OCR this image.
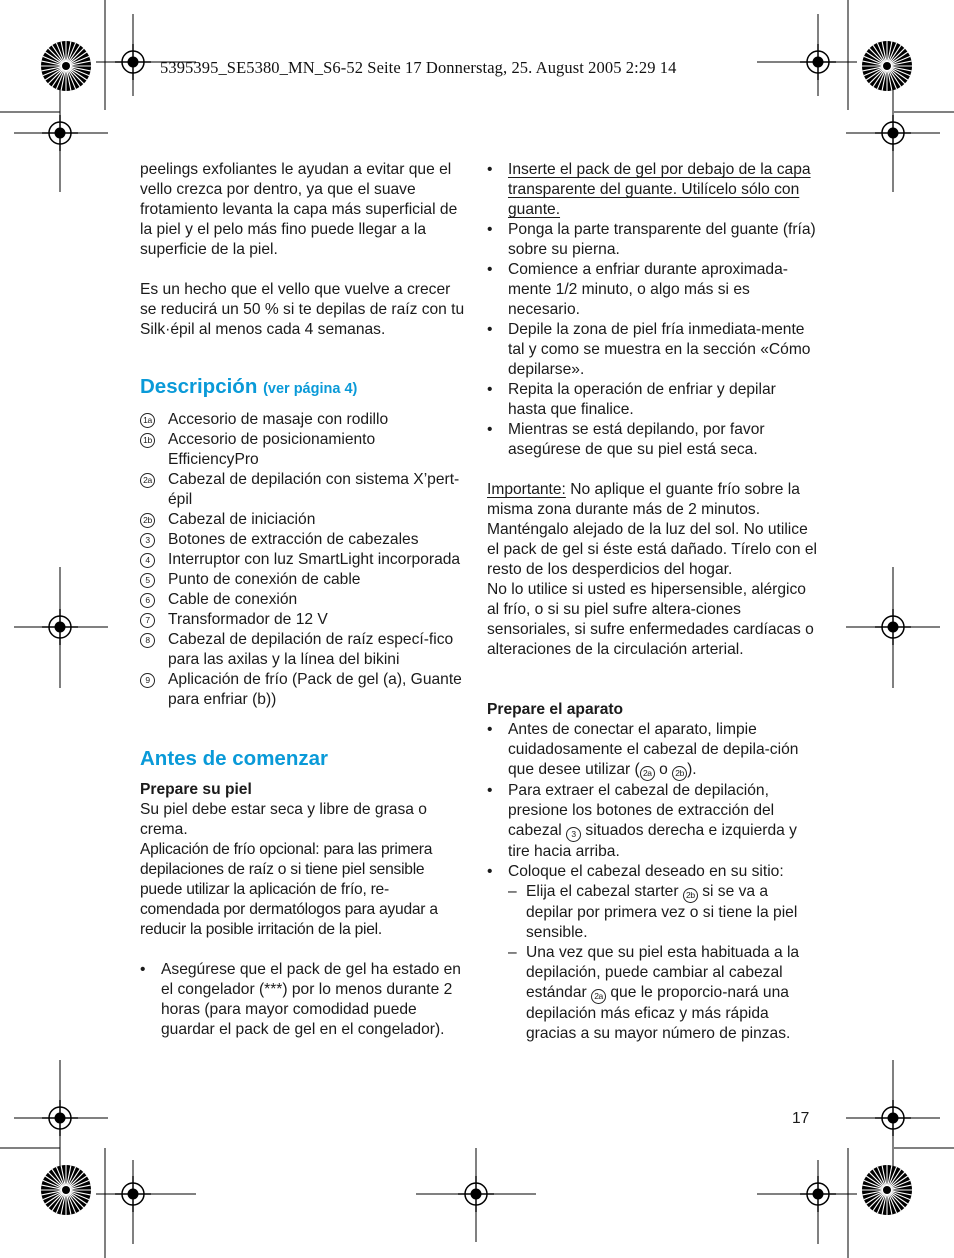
5395395_SE5380_MN_S6-52 Seite 17 Donnerstag, 25. August 2005 2:29 14

peelings exfoliantes le ayudan a evitar que el vello crezca por dentro, ya que el suave frotamiento levanta la capa más superficial de la piel y el pelo más fino puede llegar a la superficie de la piel.

Es un hecho que el vello que vuelve a crecer se reducirá un 50 % si te depilas de raíz con tu Silk·épil al menos cada 4 semanas.

Descripción (ver página 4)
1a Accesorio de masaje con rodillo
1b Accesorio de posicionamiento EfficiencyPro
2a Cabezal de depilación con sistema X’pert-épil
2b Cabezal de iniciación
3	Botones de extracción de cabezales
4	Interruptor con luz SmartLight incorporada
5	Punto de conexión de cable
6	Cable de conexión
7	Transformador de 12 V
8	Cabezal de depilación de raíz especí-fico para las axilas y la línea del bikini
9	Aplicación de frío (Pack de gel (a), Guante para enfriar (b))
Antes de comenzar
Prepare su piel

Su piel debe estar seca y libre de grasa o crema.

Aplicación de frío opcional: para las primera depilaciones de raíz o si tiene piel sensible puede utilizar la aplicación de frío, re-comendada por dermatólogos para ayudar a reducir la posible irritación de la piel.

• Asegúrese que el pack de gel ha estado en el congelador (***) por lo menos durante 2 horas (para mayor comodidad puede guardar el pack de gel en el congelador).
• Inserte el pack de gel por debajo de la capa transparente del guante. Utilícelo sólo con guante.
• Ponga la parte transparente del guante (fría) sobre su pierna.
• Comience a enfriar durante aproximada-mente 1/2 minuto, o algo más si es necesario.
• Depile la zona de piel fría inmediata-mente tal y como se muestra en la sección «Cómo depilarse».
• Repita la operación de enfriar y depilar hasta que finalice.
• Mientras se está depilando, por favor asegúrese de que su piel está seca.

Importante: No aplique el guante frío sobre la misma zona durante más de 2 minutos. Manténgalo alejado de la luz del sol. No utilice el pack de gel si éste está dañado. Tírelo con el resto de los desperdicios del hogar.

No lo utilice si usted es hipersensible, alérgico al frío, o si su piel sufre altera-ciones sensoriales, si sufre enfermedades cardíacas o alteraciones de la circulación arterial.

Prepare el aparato
• Antes de conectar el aparato, limpie cuidadosamente el cabezal de depila-ción que desee utilizar ( 2a o 2b ).
• Para extraer el cabezal de depilación, presione los botones de extracción del cabezal 3 situados derecha e izquierda y tire hacia arriba.
• Coloque el cabezal deseado en su sitio:
– Elija el cabezal starter 2b si se va a depilar por primera vez o si tiene la piel sensible.
– Una vez que su piel esta habituada a la depilación, puede cambiar al cabezal estándar 2a que le proporcio-nará una depilación más eficaz y más rápida gracias a su mayor número de pinzas.
17
